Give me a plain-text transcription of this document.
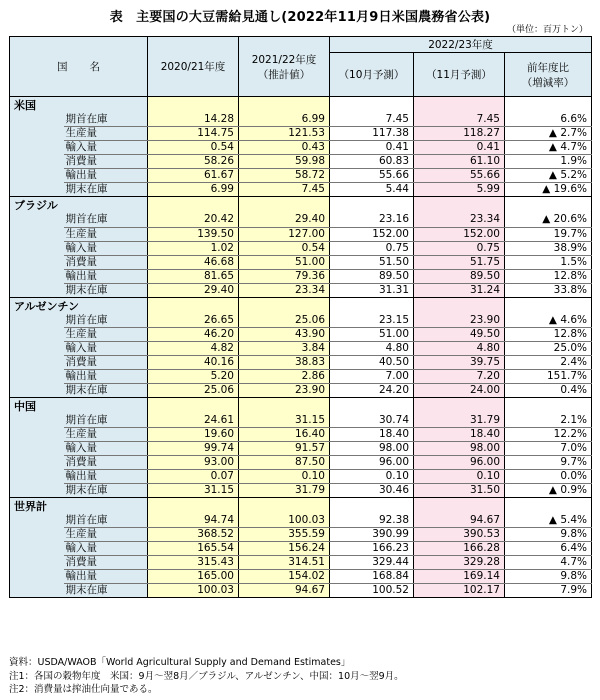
表　主要国の大豆需給見通し(2022年11月9日米国農務省公表)
（単位：百万トン）
国名		2020/21年度	2021/22年度
（推計値）	2022/23年度		
				（10月予測）	（11月予測）	前年度比
（増減率）

米国						
	期首在庫	14.28	6.99	7.45	7.45	6.6%
	生産量	114.75	121.53	117.38	118.27	▲ 2.7%
	輸入量	0.54	0.43	0.41	0.41	▲ 4.7%
	消費量	58.26	59.98	60.83	61.10	1.9%
	輸出量	61.67	58.72	55.66	55.66	▲ 5.2%
	期末在庫	6.99	7.45	5.44	5.99	▲ 19.6%
ブラジル						
	期首在庫	20.42	29.40	23.16	23.34	▲ 20.6%
	生産量	139.50	127.00	152.00	152.00	19.7%
	輸入量	1.02	0.54	0.75	0.75	38.9%
	消費量	46.68	51.00	51.50	51.75	1.5%
	輸出量	81.65	79.36	89.50	89.50	12.8%
	期末在庫	29.40	23.34	31.31	31.24	33.8%
アルゼンチン						
	期首在庫	26.65	25.06	23.15	23.90	▲ 4.6%
	生産量	46.20	43.90	51.00	49.50	12.8%
	輸入量	4.82	3.84	4.80	4.80	25.0%
	消費量	40.16	38.83	40.50	39.75	2.4%
	輸出量	5.20	2.86	7.00	7.20	151.7%
	期末在庫	25.06	23.90	24.20	24.00	0.4%
中国						
	期首在庫	24.61	31.15	30.74	31.79	2.1%
	生産量	19.60	16.40	18.40	18.40	12.2%
	輸入量	99.74	91.57	98.00	98.00	7.0%
	消費量	93.00	87.50	96.00	96.00	9.7%
	輸出量	0.07	0.10	0.10	0.10	0.0%
	期末在庫	31.15	31.79	30.46	31.50	▲ 0.9%
世界計						
	期首在庫	94.74	100.03	92.38	94.67	▲ 5.4%
	生産量	368.52	355.59	390.99	390.53	9.8%
	輸入量	165.54	156.24	166.23	166.28	6.4%
	消費量	315.43	314.51	329.44	329.28	4.7%
	輸出量	165.00	154.02	168.84	169.14	9.8%
	期末在庫	100.03	94.67	100.52	102.17	7.9%
資料：USDA/WAOB「World Agricultural Supply and Demand Estimates」
注1：各国の穀物年度　米国：9月～翌8月／ブラジル、アルゼンチン、中国：10月～翌9月。
注2：消費量は搾油仕向量である。
